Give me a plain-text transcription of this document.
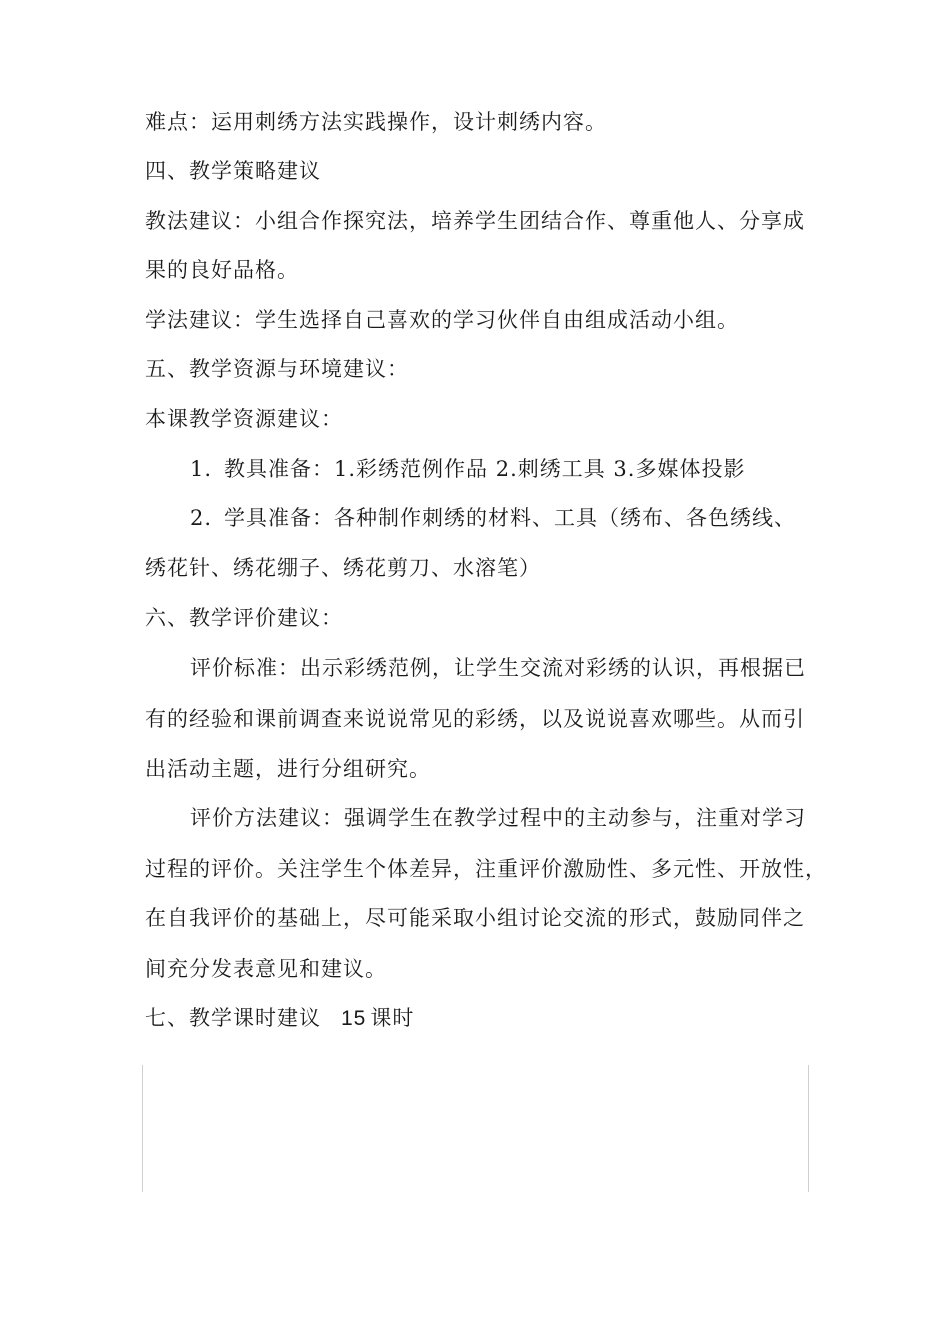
难点：运用刺绣方法实践操作，设计刺绣内容。
四、教学策略建议
教法建议：小组合作探究法，培养学生团结合作、尊重他人、分享成
果的良好品格。
学法建议：学生选择自己喜欢的学习伙伴自由组成活动小组。
五、教学资源与环境建议：
本课教学资源建议：
1. 教具准备：1.彩绣范例作品 2.刺绣工具 3.多媒体投影
2. 学具准备：各种制作刺绣的材料、工具（绣布、各色绣线、
绣花针、绣花绷子、绣花剪刀、水溶笔）
六、教学评价建议：
评价标准：出示彩绣范例，让学生交流对彩绣的认识，再根据已
有的经验和课前调查来说说常见的彩绣，以及说说喜欢哪些。从而引
出活动主题，进行分组研究。
评价方法建议：强调学生在教学过程中的主动参与，注重对学习
过程的评价。关注学生个体差异，注重评价激励性、多元性、开放性，
在自我评价的基础上，尽可能采取小组讨论交流的形式，鼓励同伴之
间充分发表意见和建议。
七、教学课时建议 15 课时
